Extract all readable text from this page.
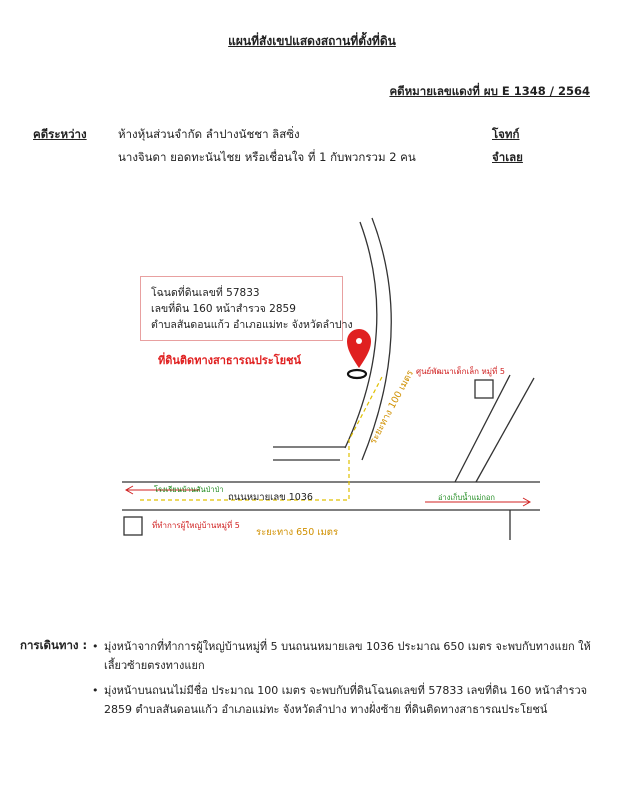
แผนที่สังเขปแสดงสถานที่ตั้งที่ดิน
คดีหมายเลขแดงที่ ผบ E 1348 / 2564
คดีระหว่าง	ห้างหุ้นส่วนจำกัด ลำปางนัชชา ลิสซิ่ง	โจทก์
นางจินดา ยอดทะนันไชย หรือเชื่อนใจ ที่ 1 กับพวกรวม 2 คน	จำเลย
โฉนดที่ดินเลขที่ 57833
เลขที่ดิน 160 หน้าสำรวจ 2859
ตำบลสันดอนแก้ว อำเภอแม่ทะ จังหวัดลำปาง
ที่ดินติดทางสาธารณประโยชน์
ศูนย์พัฒนาเด็กเล็ก หมู่ที่ 5
ระยะทาง 100 เมตร
โรงเรียนบ้านสันป่าป่า
ถนนหมายเลข 1036	อ่างเก็บน้ำแม่กอก
ที่ทำการผู้ใหญ่บ้านหมู่ที่ 5
ระยะทาง 650 เมตร
การเดินทาง :
•	มุ่งหน้าจากที่ทำการผู้ใหญ่บ้านหมู่ที่ 5 บนถนนหมายเลข 1036 ประมาณ 650 เมตร จะพบกับทางแยก ให้เลี้ยวซ้ายตรงทางแยก
• มุ่งหน้าบนถนนไม่มีชื่อ ประมาณ 100 เมตร จะพบกับที่ดินโฉนดเลขที่ 57833 เลขที่ดิน 160 หน้าสำรวจ 2859 ตำบลสันดอนแก้ว อำเภอแม่ทะ จังหวัดลำปาง ทางฝั่งซ้าย ที่ดินติดทางสาธารณประโยชน์
